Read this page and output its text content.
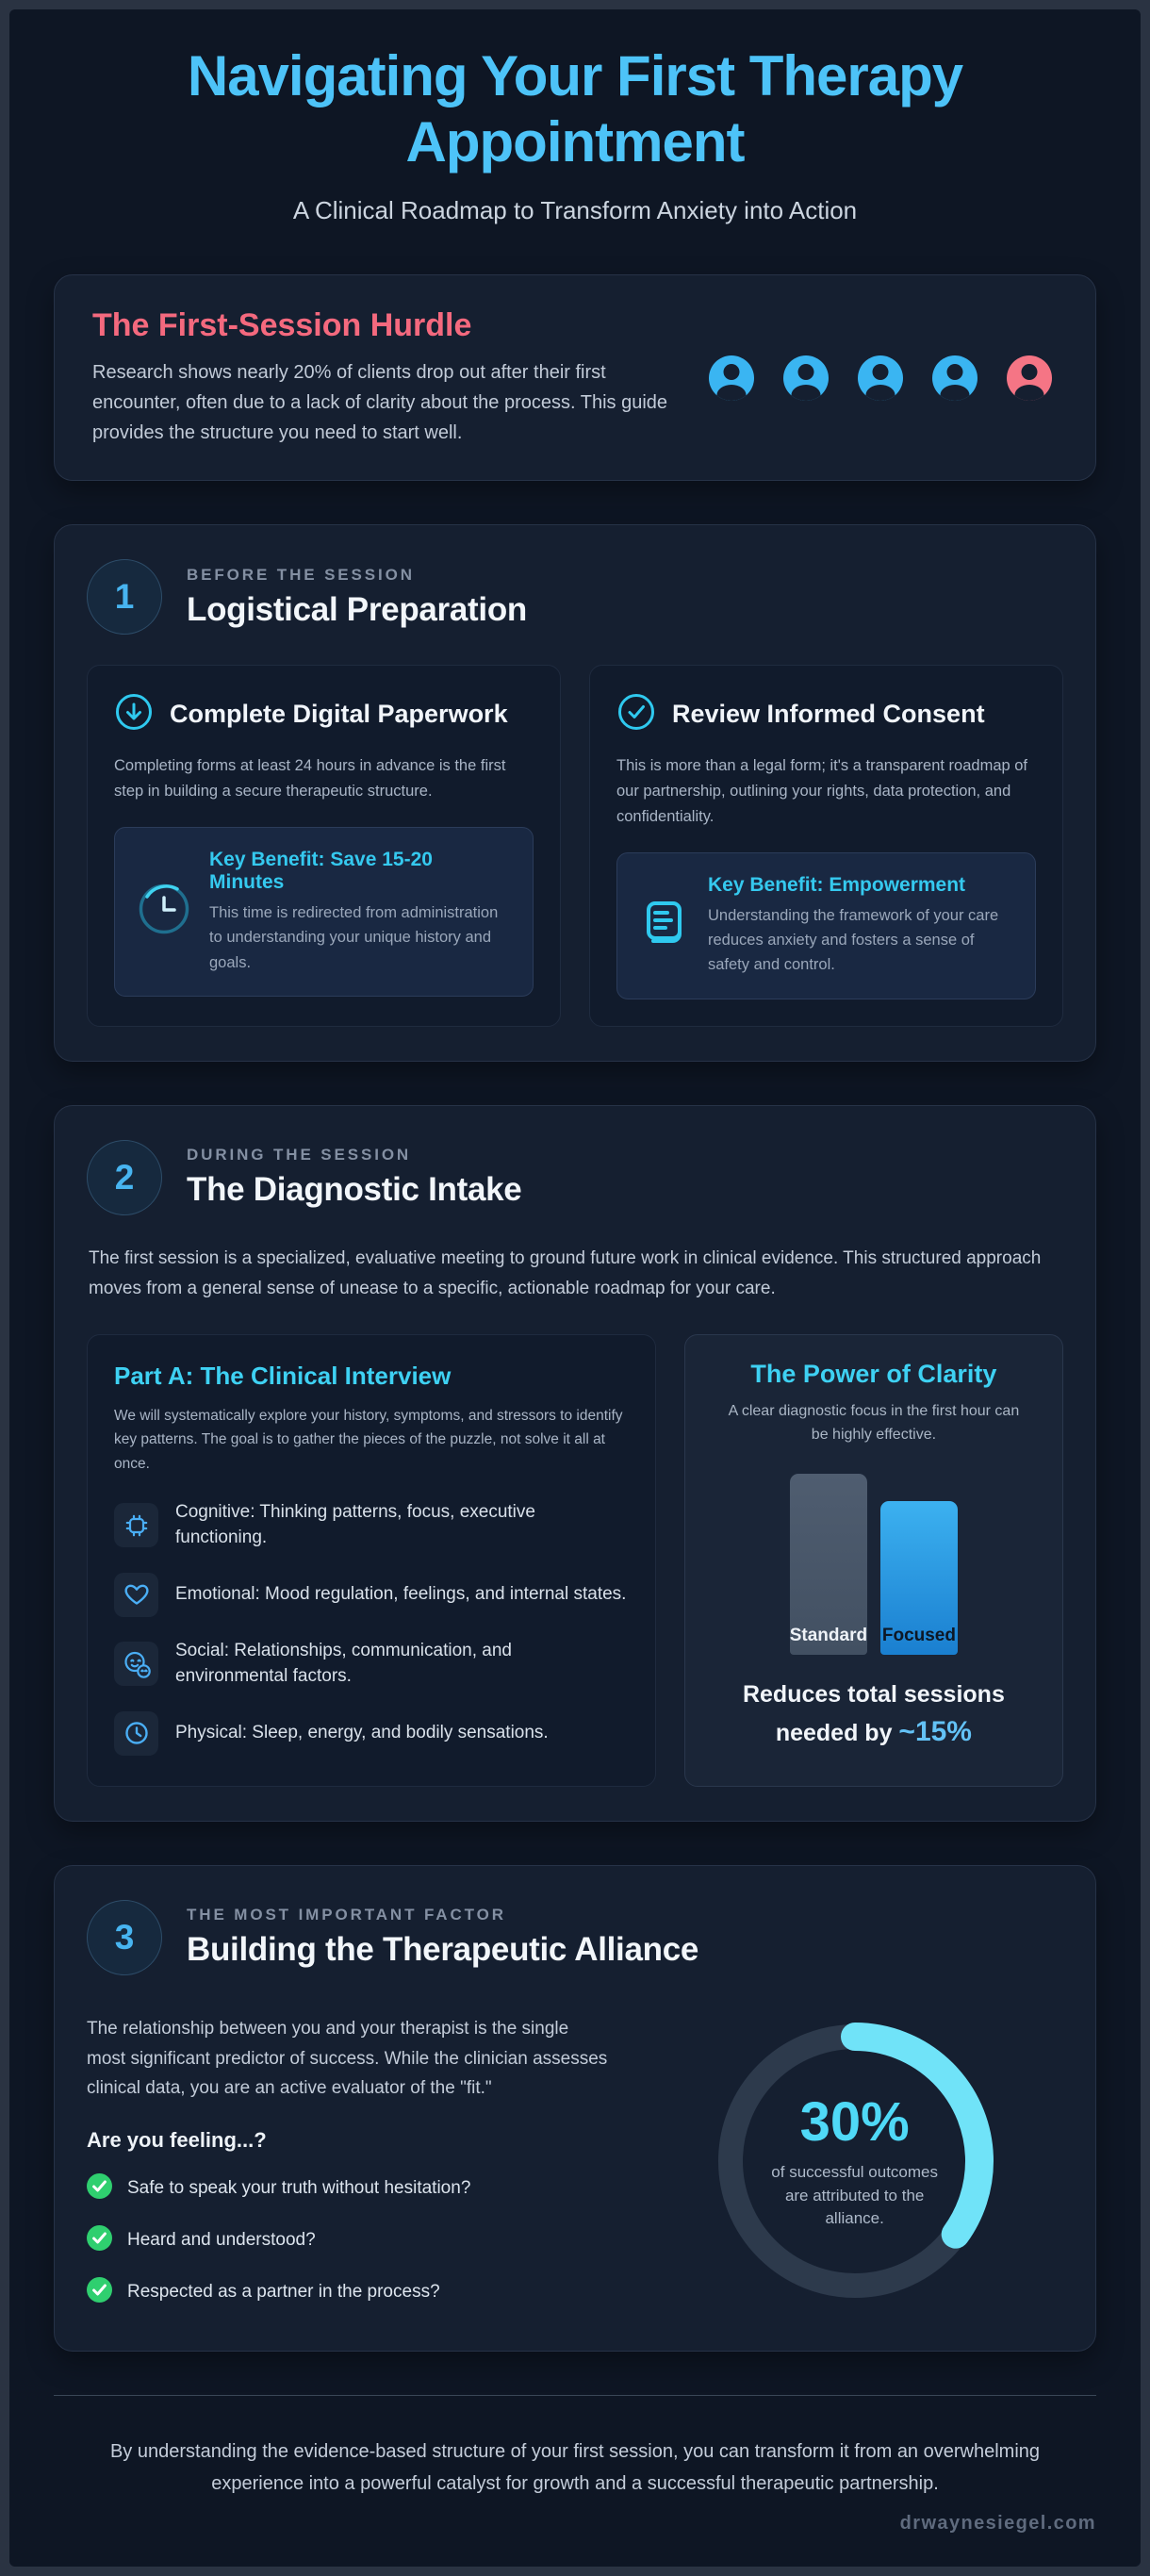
Navigating Your First Therapy Appointment
A Clinical Roadmap to Transform Anxiety into Action
The First-Session Hurdle

Research shows nearly 20% of clients drop out after their first encounter, often due to a lack of clarity about the process. This guide provides the structure you need to start well.

1
BEFORE THE SESSION
Logistical Preparation
Complete Digital Paperwork

Completing forms at least 24 hours in advance is the first step in building a secure therapeutic structure.

Key Benefit: Save 15-20 Minutes

This time is redirected from administration to understanding your unique history and goals.

Review Informed Consent

This is more than a legal form; it's a transparent roadmap of our partnership, outlining your rights, data protection, and confidentiality.

Key Benefit: Empowerment

Understanding the framework of your care reduces anxiety and fosters a sense of safety and control.

2
DURING THE SESSION
The Diagnostic Intake

The first session is a specialized, evaluative meeting to ground future work in clinical evidence. This structured approach moves from a general sense of unease to a specific, actionable roadmap for your care.

Part A: The Clinical Interview

We will systematically explore your history, symptoms, and stressors to identify key patterns. The goal is to gather the pieces of the puzzle, not solve it all at once.

Cognitive: Thinking patterns, focus, executive functioning.
Emotional: Mood regulation, feelings, and internal states.
Social: Relationships, communication, and environmental factors.
Physical: Sleep, energy, and bodily sensations.
The Power of Clarity

A clear diagnostic focus in the first hour can be highly effective.

Standard Focused

Reduces total sessions needed by ~15%

3
THE MOST IMPORTANT FACTOR
Building the Therapeutic Alliance

The relationship between you and your therapist is the single most significant predictor of success. While the clinician assesses clinical data, you are an active evaluator of the "fit."

Are you feeling...?
Safe to speak your truth without hesitation?
Heard and understood?
Respected as a partner in the process?
30%
of successful outcomes are attributed to the alliance.

By understanding the evidence-based structure of your first session, you can transform it from an overwhelming experience into a powerful catalyst for growth and a successful therapeutic partnership.

drwaynesiegel.com
